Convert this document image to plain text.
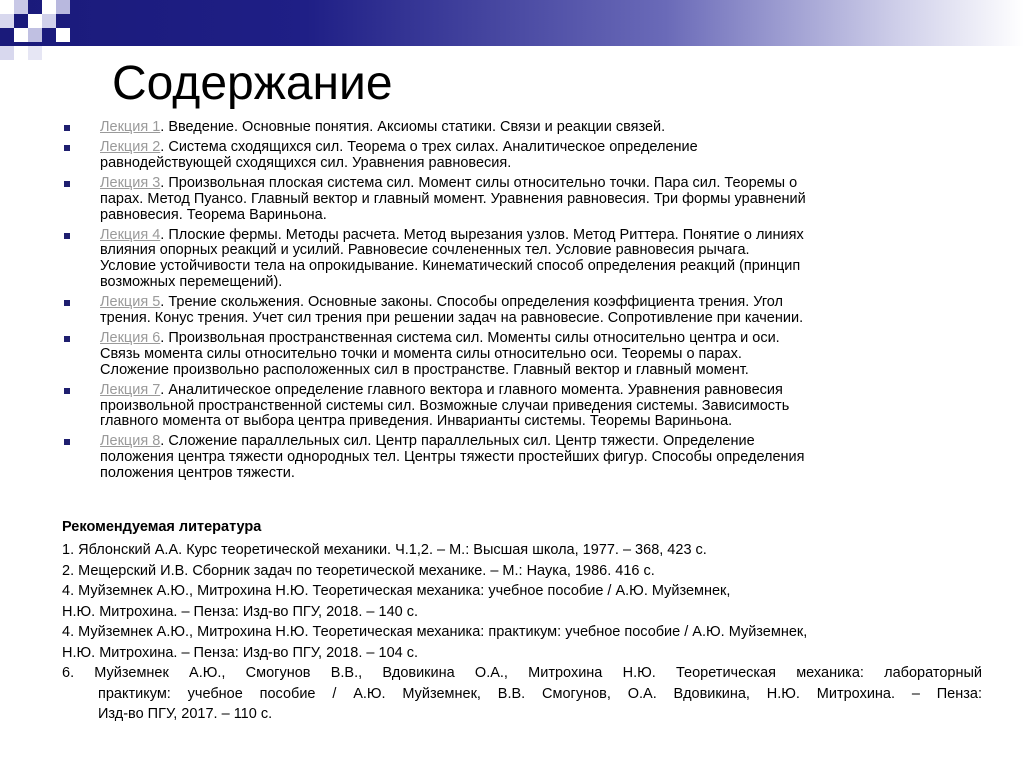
Содержание
Лекция 1. Введение. Основные понятия. Аксиомы статики. Связи и реакции связей.
Лекция 2. Система сходящихся сил. Теорема о трех силах. Аналитическое определение
равнодействующей сходящихся сил. Уравнения равновесия.
Лекция 3. Произвольная плоская система сил. Момент силы относительно точки. Пара сил. Теоремы о
парах. Метод Пуансо. Главный вектор и главный момент. Уравнения равновесия. Три формы уравнений
равновесия. Теорема Вариньона.
Лекция 4. Плоские фермы. Методы расчета. Метод вырезания узлов. Метод Риттера. Понятие о линиях
влияния опорных реакций и усилий. Равновесие сочлененных тел. Условие равновесия рычага.
Условие устойчивости тела на опрокидывание. Кинематический способ определения реакций (принцип
возможных перемещений).
Лекция 5. Трение скольжения. Основные законы. Способы определения коэффициента трения. Угол
трения. Конус трения. Учет сил трения при решении задач на равновесие. Сопротивление при качении.
Лекция 6. Произвольная пространственная система сил. Моменты силы относительно центра и оси.
Связь момента силы относительно точки и момента силы относительно оси. Теоремы о парах.
Сложение произвольно расположенных сил в пространстве. Главный вектор и главный момент.
Лекция 7. Аналитическое определение главного вектора и главного момента. Уравнения равновесия
произвольной пространственной системы сил. Возможные случаи приведения системы. Зависимость
главного момента от выбора центра приведения. Инварианты системы. Теоремы Вариньона.
Лекция 8. Сложение параллельных сил. Центр параллельных сил. Центр тяжести. Определение
положения центра тяжести однородных тел. Центры тяжести простейших фигур. Способы определения
положения центров тяжести.
Рекомендуемая литература
1. Яблонский А.А. Курс теоретической механики. Ч.1,2. – М.: Высшая школа, 1977. – 368, 423 с.
2. Мещерский И.В. Сборник задач по теоретической механике. – М.: Наука, 1986. 416 с.
4. Муйземнек А.Ю., Митрохина Н.Ю. Теоретическая механика: учебное пособие / А.Ю. Муйземнек,
Н.Ю. Митрохина. – Пенза: Изд-во ПГУ, 2018. – 140 с.
4. Муйземнек А.Ю., Митрохина Н.Ю. Теоретическая механика: практикум: учебное пособие / А.Ю. Муйземнек,
Н.Ю. Митрохина. – Пенза: Изд-во ПГУ, 2018. – 104 с.
6. Муйземнек А.Ю., Смогунов В.В., Вдовикина О.А., Митрохина Н.Ю. Теоретическая механика: лабораторный
практикум: учебное пособие / А.Ю. Муйземнек, В.В. Смогунов, О.А. Вдовикина, Н.Ю. Митрохина. – Пенза:
Изд-во ПГУ, 2017. – 110 с.
